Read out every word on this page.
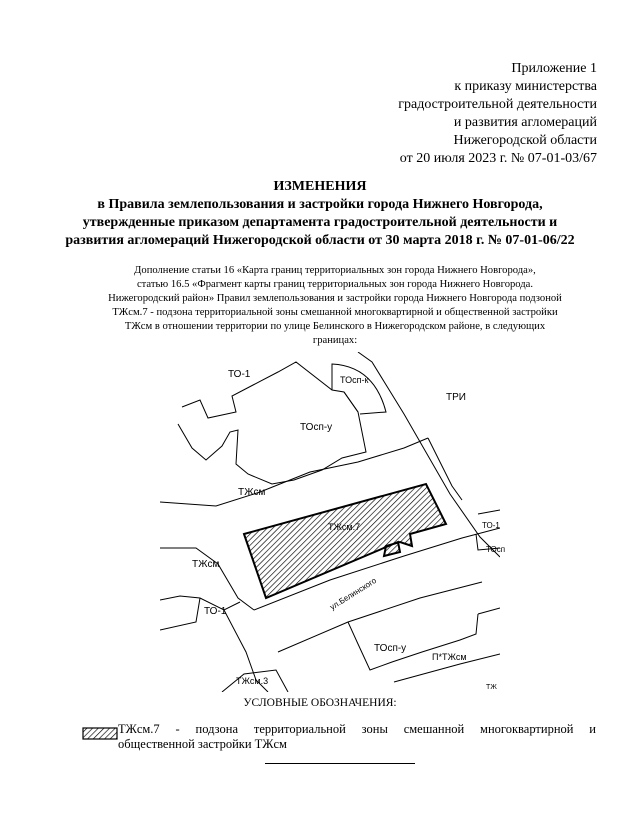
Приложение 1
к приказу министерства
градостроительной деятельности
и развития агломераций
Нижегородской области
от 20 июля 2023 г. № 07-01-03/67
ИЗМЕНЕНИЯ
в Правила землепользования и застройки города Нижнего Новгорода,
утвержденные приказом департамента градостроительной деятельности и
развития агломераций Нижегородской области от 30 марта 2018 г. № 07-01-06/22
Дополнение статьи 16 «Карта границ территориальных зон города Нижнего Новгорода»,
статью 16.5 «Фрагмент карты границ территориальных зон города Нижнего Новгорода.
Нижегородский район» Правил землепользования и застройки города Нижнего Новгорода подзоной
ТЖсм.7 - подзона территориальной зоны смешанной многоквартирной и общественной застройки
ТЖсм в отношении территории по улице Белинского в Нижегородском районе, в следующих
границах:
ТО-1	ТОсп-к
ТРИ
ТОсп-у
ТЖсм
ТЖсм.7	ТО-1
ТОсп
ТЖсм
ул.Белинского
ТО-1
ТОсп-у
П*ТЖсм
ТЖсм.3
ТЖ
УСЛОВНЫЕ ОБОЗНАЧЕНИЯ:
ТЖсм.7 - подзона территориальной зоны смешанной многоквартирной и
общественной застройки ТЖсм
